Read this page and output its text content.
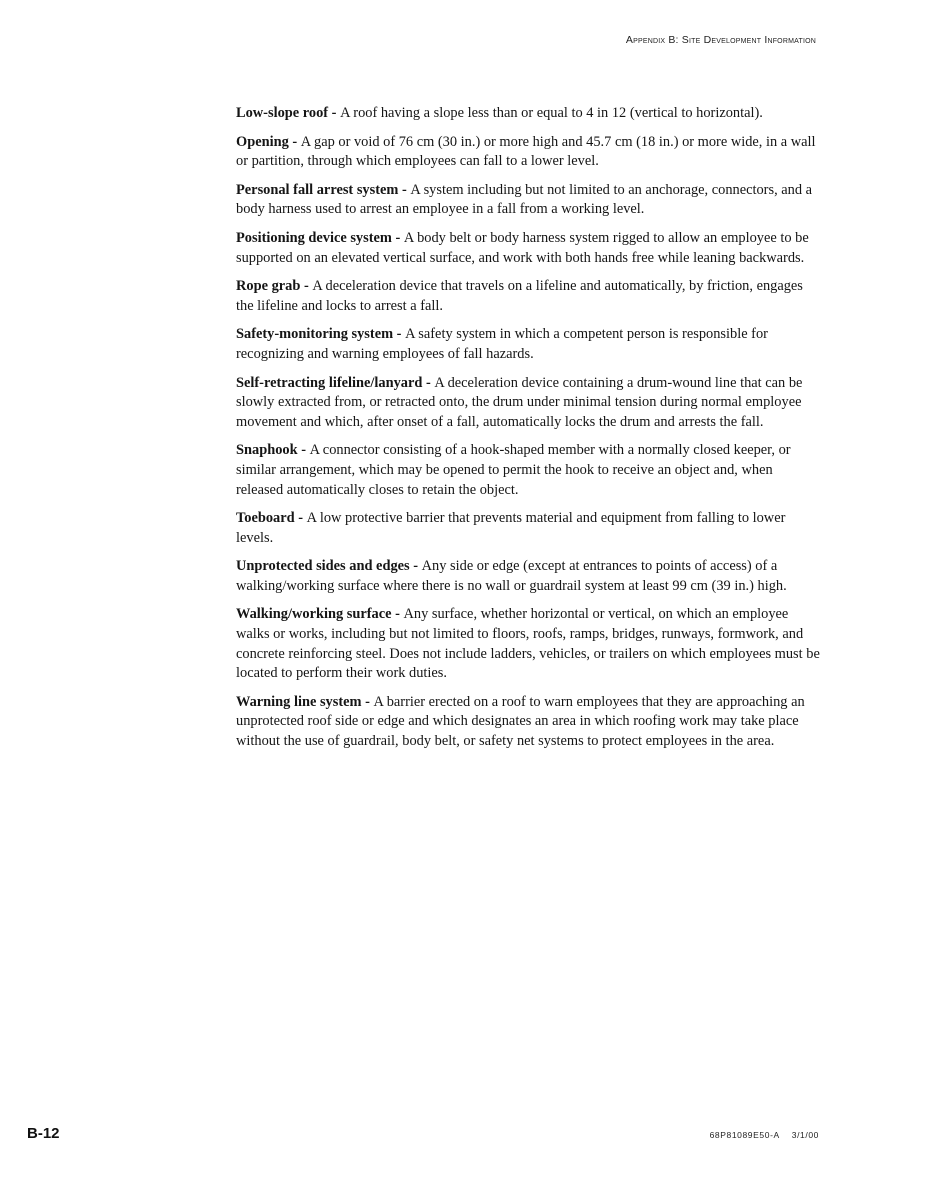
Appendix B: Site Development Information

Low-slope roof - A roof having a slope less than or equal to 4 in 12 (vertical to horizontal).

Opening - A gap or void of 76 cm (30 in.) or more high and 45.7 cm (18 in.) or more wide, in a wall or partition, through which employees can fall to a lower level.

Personal fall arrest system - A system including but not limited to an anchorage, connectors, and a body harness used to arrest an employee in a fall from a working level.

Positioning device system - A body belt or body harness system rigged to allow an employee to be supported on an elevated vertical surface, and work with both hands free while leaning backwards.

Rope grab - A deceleration device that travels on a lifeline and automatically, by friction, engages the lifeline and locks to arrest a fall.

Safety-monitoring system - A safety system in which a competent person is responsible for recognizing and warning employees of fall hazards.

Self-retracting lifeline/lanyard - A deceleration device containing a drum-wound line that can be slowly extracted from, or retracted onto, the drum under minimal tension during normal employee movement and which, after onset of a fall, automatically locks the drum and arrests the fall.

Snaphook - A connector consisting of a hook-shaped member with a normally closed keeper, or similar arrangement, which may be opened to permit the hook to receive an object and, when released automatically closes to retain the object.

Toeboard - A low protective barrier that prevents material and equipment from falling to lower levels.

Unprotected sides and edges - Any side or edge (except at entrances to points of access) of a walking/working surface where there is no wall or guardrail system at least 99 cm (39 in.) high.

Walking/working surface - Any surface, whether horizontal or vertical, on which an employee walks or works, including but not limited to floors, roofs, ramps, bridges, runways, formwork, and concrete reinforcing steel. Does not include ladders, vehicles, or trailers on which employees must be located to perform their work duties.

Warning line system - A barrier erected on a roof to warn employees that they are approaching an unprotected roof side or edge and which designates an area in which roofing work may take place without the use of guardrail, body belt, or safety net systems to protect employees in the area.

B-12	68P81089E50-A 3/1/00
